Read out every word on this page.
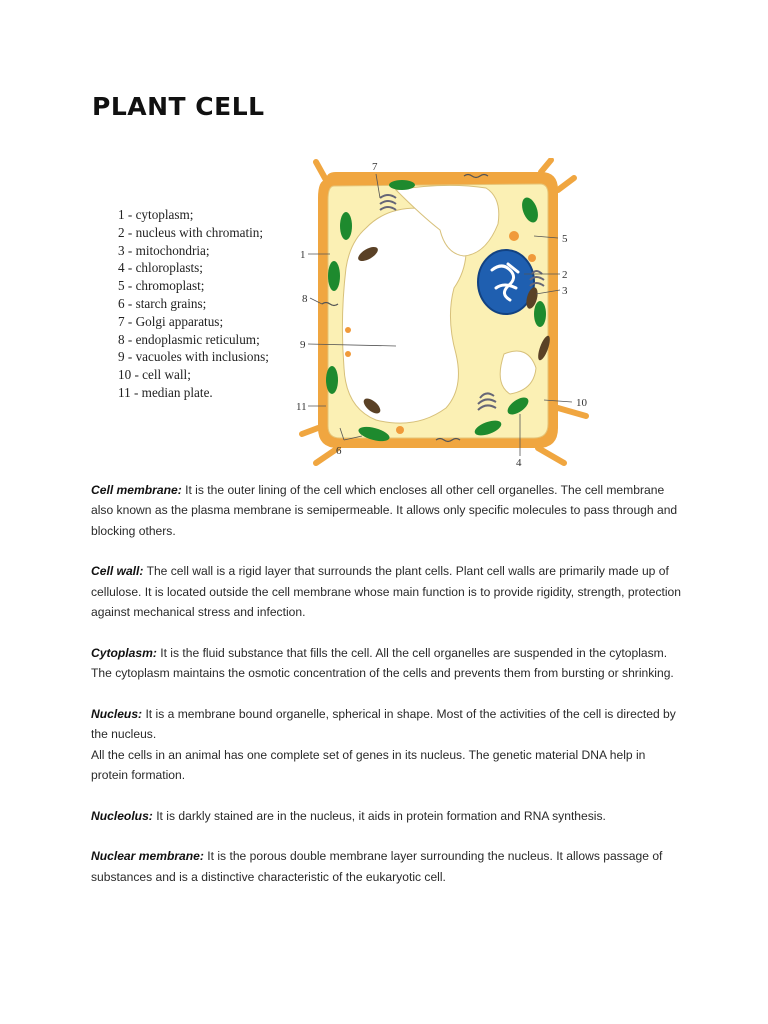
PLANT CELL
1 - cytoplasm;
2 - nucleus with chromatin;
3 - mitochondria;
4 - chloroplasts;
5 - chromoplast;
6 - starch grains;
7 - Golgi apparatus;
8 - endoplasmic reticulum;
9 - vacuoles with inclusions;
10 - cell wall;
11 - median plate.
7
1
5
8
2
3
9
11	10
6
4

Cell membrane: It is the outer lining of the cell which encloses all other cell organelles. The cell membrane also known as the plasma membrane is semipermeable. It allows only specific molecules to pass through and blocking others.

Cell wall: The cell wall is a rigid layer that surrounds the plant cells. Plant cell walls are primarily made up of cellulose. It is located outside the cell membrane whose main function is to provide rigidity, strength, protection against mechanical stress and infection.

Cytoplasm: It is the fluid substance that fills the cell. All the cell organelles are suspended in the cytoplasm. The cytoplasm maintains the osmotic concentration of the cells and prevents them from bursting or shrinking.

Nucleus: It is a membrane bound organelle, spherical in shape. Most of the activities of the cell is directed by the nucleus.
All the cells in an animal has one complete set of genes in its nucleus. The genetic material DNA help in protein formation.

Nucleolus: It is darkly stained are in the nucleus, it aids in protein formation and RNA synthesis.

Nuclear membrane: It is the porous double membrane layer surrounding the nucleus. It allows passage of substances and is a distinctive characteristic of the eukaryotic cell.
